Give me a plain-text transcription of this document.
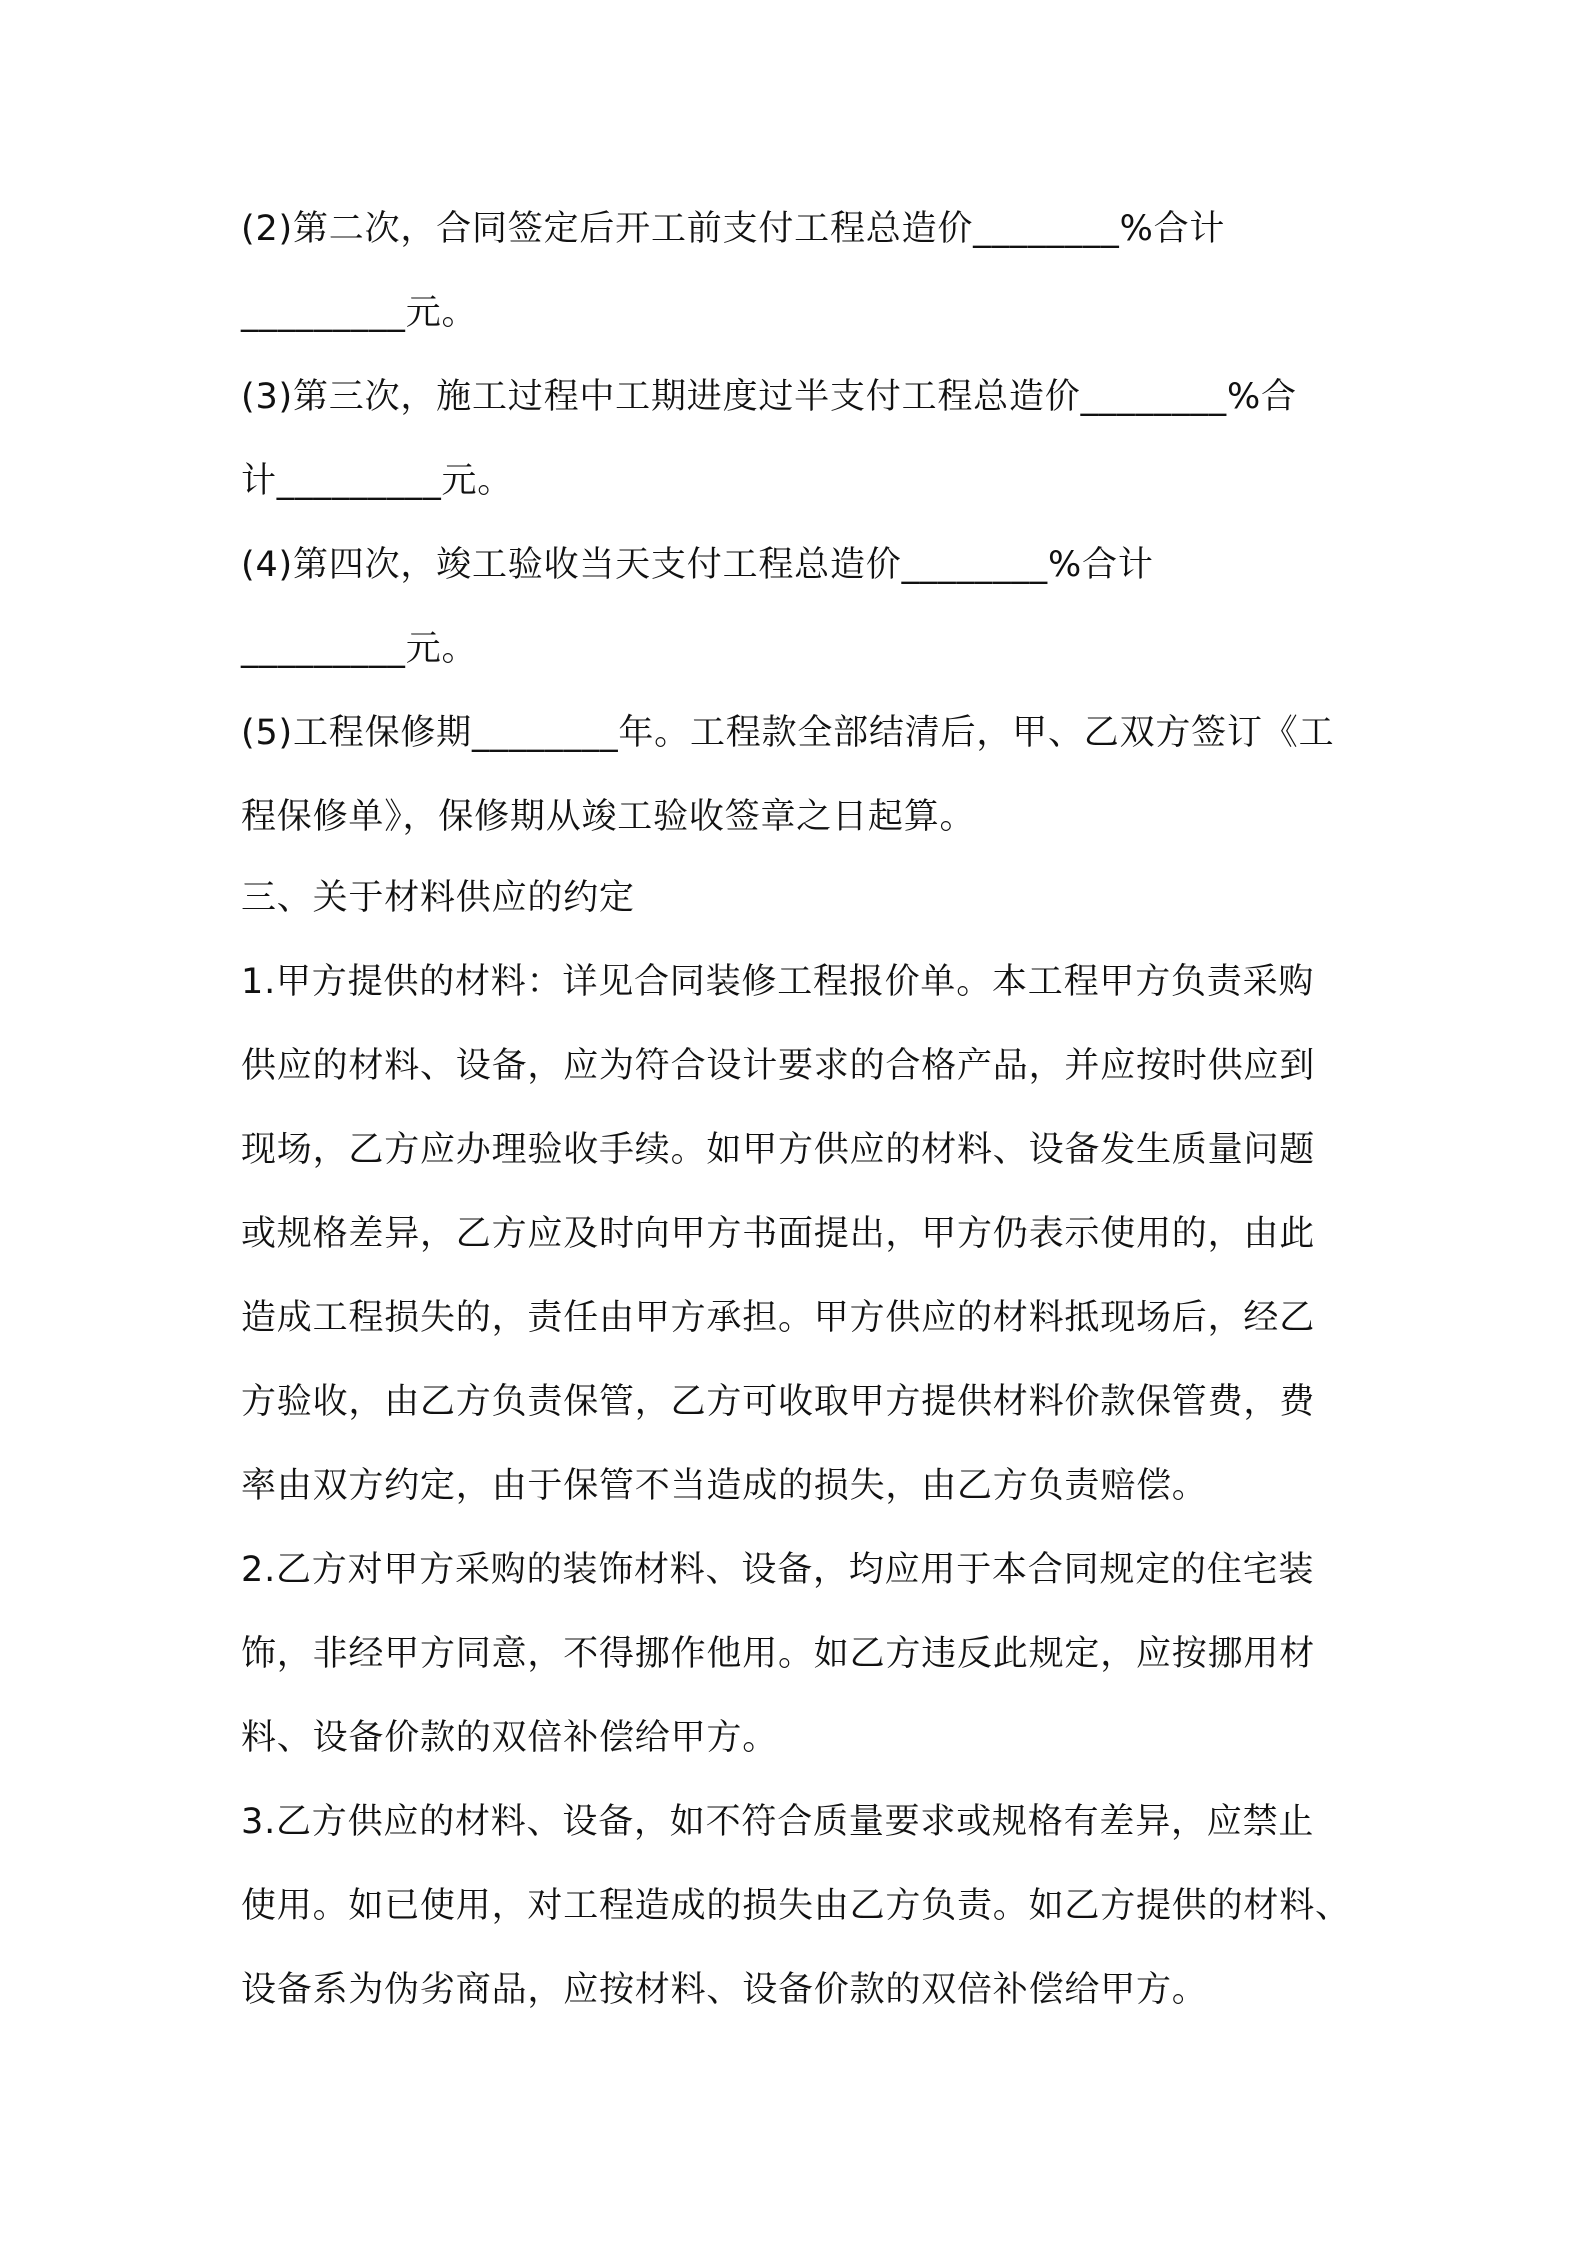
(2)第二次，合同签定后开工前支付工程总造价________%合计

_________元。

(3)第三次，施工过程中工期进度过半支付工程总造价________%合

计_________元。

(4)第四次，竣工验收当天支付工程总造价________%合计

_________元。

(5)工程保修期________年。工程款全部结清后，甲、乙双方签订《工

程保修单》，保修期从竣工验收签章之日起算。

三、关于材料供应的约定

1.甲方提供的材料：详见合同装修工程报价单。本工程甲方负责采购

供应的材料、设备，应为符合设计要求的合格产品，并应按时供应到

现场，乙方应办理验收手续。如甲方供应的材料、设备发生质量问题

或规格差异，乙方应及时向甲方书面提出，甲方仍表示使用的，由此

造成工程损失的，责任由甲方承担。甲方供应的材料抵现场后，经乙

方验收，由乙方负责保管，乙方可收取甲方提供材料价款保管费，费

率由双方约定，由于保管不当造成的损失，由乙方负责赔偿。

2.乙方对甲方采购的装饰材料、设备，均应用于本合同规定的住宅装

饰，非经甲方同意，不得挪作他用。如乙方违反此规定，应按挪用材

料、设备价款的双倍补偿给甲方。

3.乙方供应的材料、设备，如不符合质量要求或规格有差异，应禁止

使用。如已使用，对工程造成的损失由乙方负责。如乙方提供的材料、

设备系为伪劣商品，应按材料、设备价款的双倍补偿给甲方。
